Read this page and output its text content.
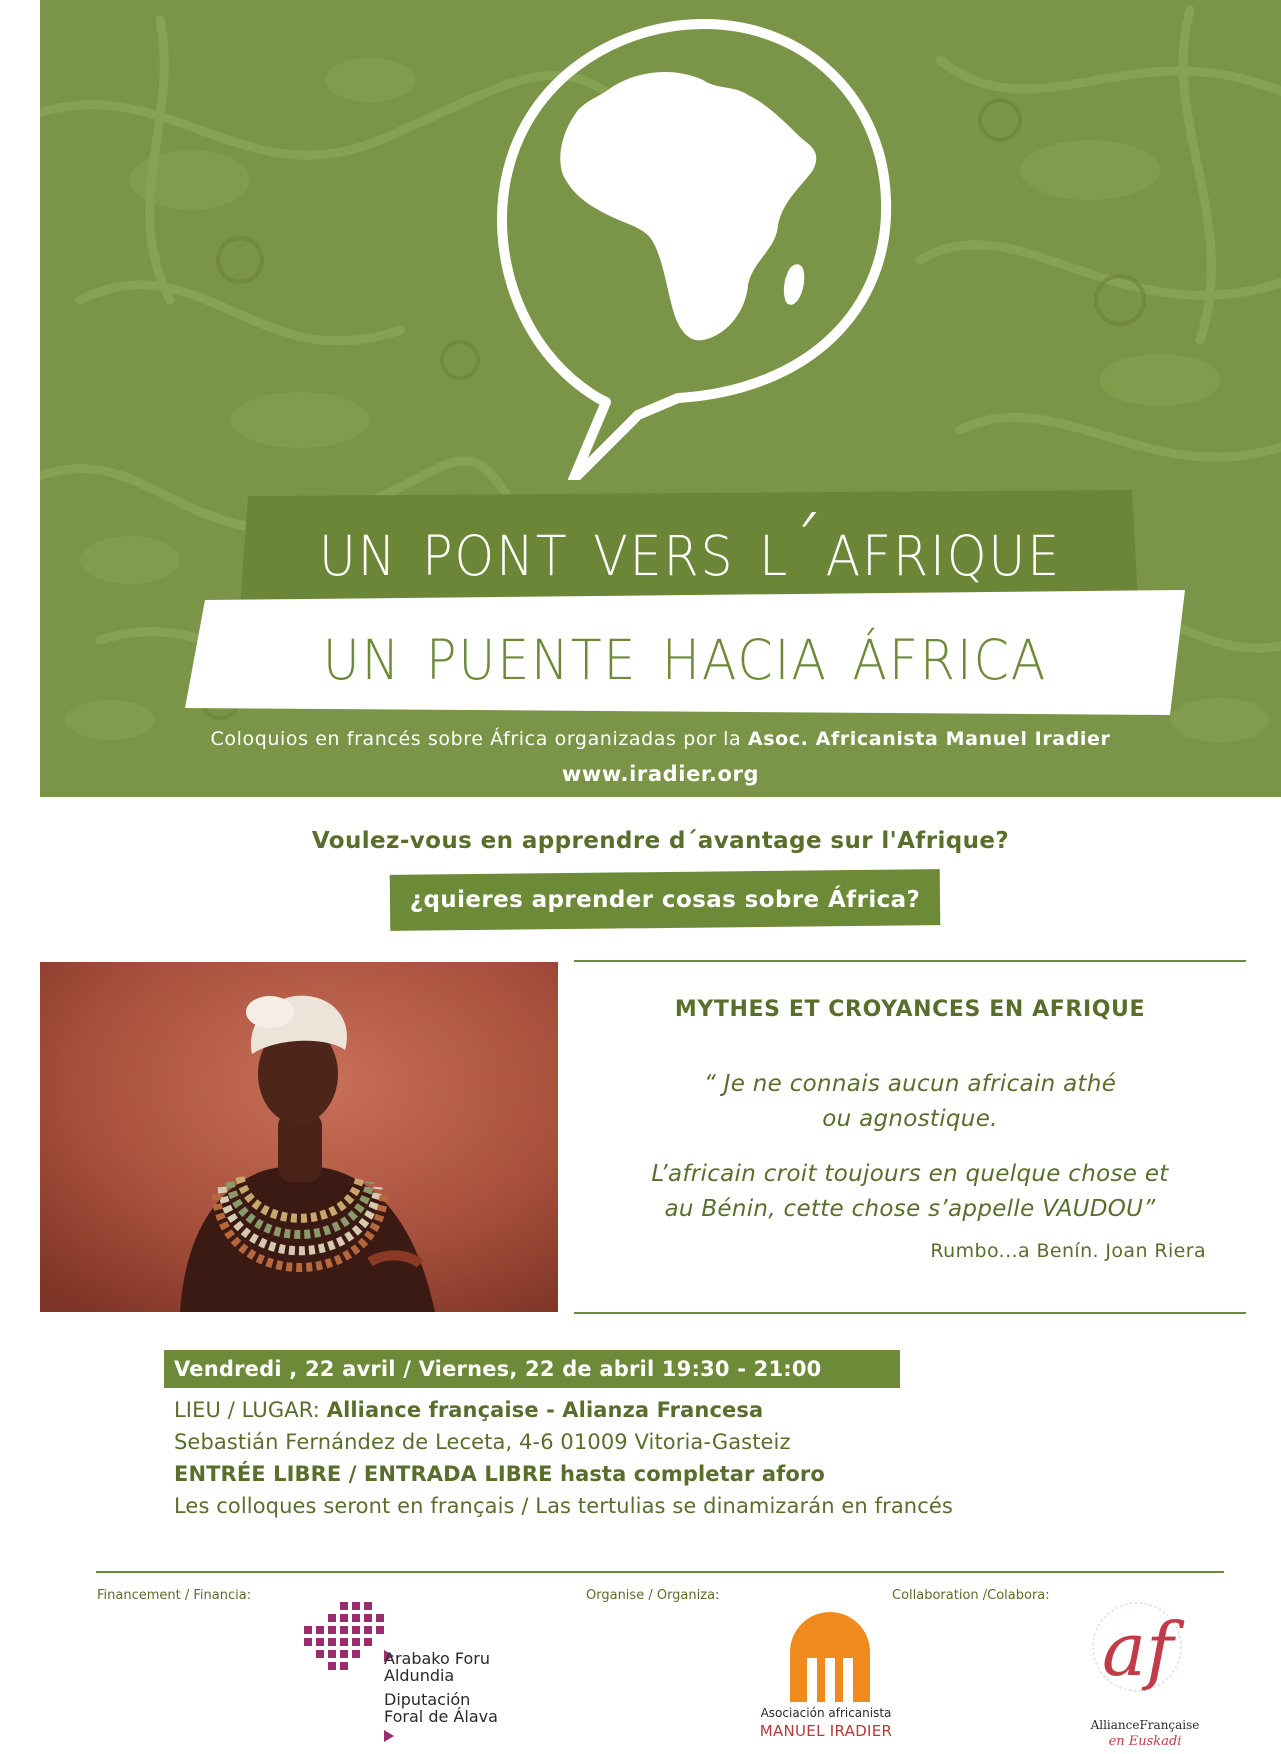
un pont vers l´afrique
un puente hacia áfrica
Coloquios en francés sobre África organizadas por la Asoc. Africanista Manuel Iradier
www.iradier.org
Voulez-vous en apprendre d´avantage sur l'Afrique?
¿quieres aprender cosas sobre África?
MYTHES ET CROYANCES EN AFRIQUE
“ Je ne connais aucun africain athé
ou agnostique.
L’africain croit toujours en quelque chose et
au Bénin, cette chose s’appelle VAUDOU”
Rumbo...a Benín. Joan Riera
Vendredi , 22 avril / Viernes, 22 de abril 19:30 - 21:00
LIEU / LUGAR: Alliance française - Alianza Francesa
Sebastián Fernández de Leceta, 4-6 01009 Vitoria-Gasteiz
ENTRÉE LIBRE / ENTRADA LIBRE hasta completar aforo
Les colloques seront en français / Las tertulias se dinamizarán en francés
Financement / Financia:	Organise / Organiza:	Collaboration /Colabora:
Arabako Foru
Aldundia
Diputación
Foral de Álava	Asociación africanista
MANUEL IRADIER
af
AllianceFrançaise
en Euskadi
